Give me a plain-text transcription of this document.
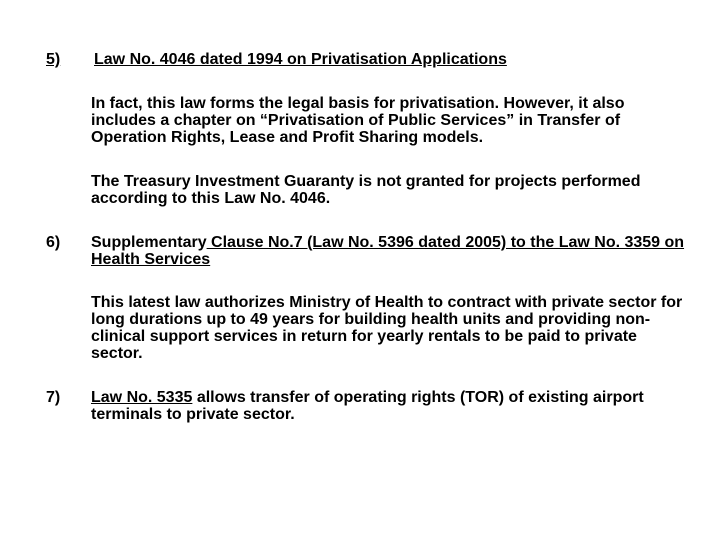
5) Law No. 4046 dated 1994 on Privatisation Applications
In fact, this law forms the legal basis for privatisation. However, it also includes a chapter on “Privatisation of Public Services” in Transfer of Operation Rights, Lease and Profit Sharing models.
The Treasury Investment Guaranty is not granted for projects performed according to this Law No. 4046.
6) Supplementary Clause No.7 (Law No. 5396 dated 2005) to the Law No. 3359 on Health Services
This latest law authorizes Ministry of Health to contract with private sector for long durations up to 49 years for building health units and providing non-clinical support services in return for yearly rentals to be paid to private sector.
7) Law No. 5335 allows transfer of operating rights (TOR) of existing airport terminals to private sector.
